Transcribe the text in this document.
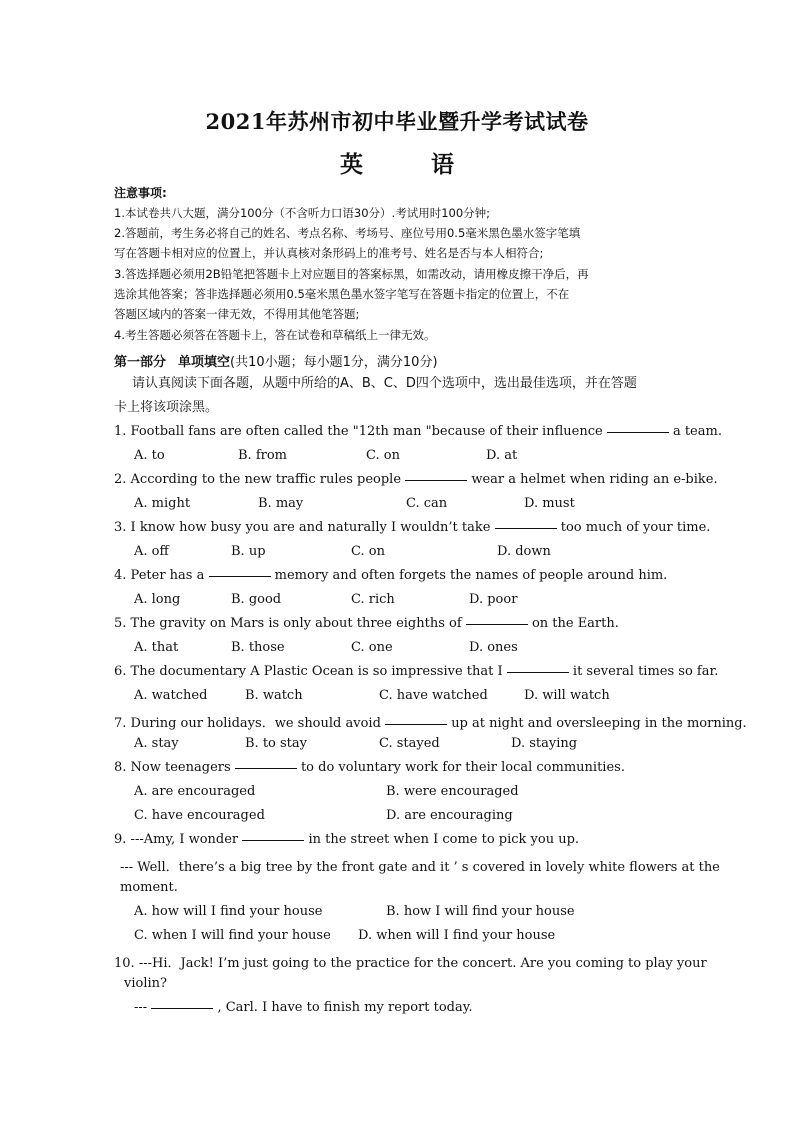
2021年苏州市初中毕业暨升学考试试卷
英 语
注意事项:
1.本试卷共八大题，满分100分（不含听力口语30分）.考试用时100分钟;
2.答题前，考生务必将自己的姓名、考点名称、考场号、座位号用0.5毫米黑色墨水签字笔填
写在答题卡相对应的位置上，并认真核对条形码上的准考号、姓名是否与本人相符合;
3.答选择题必须用2B铅笔把答题卡上对应题目的答案标黑，如需改动，请用橡皮擦干净后，再
选涂其他答案；答非选择题必须用0.5毫米黑色墨水签字笔写在答题卡指定的位置上，不在
答题区域内的答案一律无效，不得用其他笔答题;
4.考生答题必须答在答题卡上，答在试卷和草稿纸上一律无效。
第一部分 单项填空(共10小题；每小题1分，满分10分)
请认真阅读下面各题，从题中所给的A、B、C、D四个选项中，选出最佳选项，并在答题
卡上将该项涂黑。
1. Football fans are often called the "12th man "because of their influence	a team.
A. to	B. from	C. on	D. at
2. According to the new traffic rules people	wear a helmet when riding an e-bike.
A. might	B. may	C. can	D. must
3. I know how busy you are and naturally I wouldn’t take	too much of your time.
A. off	B. up	C. on	D. down
4. Peter has a	memory and often forgets the names of people around him.
A. long	B. good	C. rich	D. poor
5. The gravity on Mars is only about three eighths of	on the Earth.
A. that	B. those	C. one	D. ones
6. The documentary A Plastic Ocean is so impressive that I	it several times so far.
A. watched	B. watch	C. have watched	D. will watch
7. During our holidays．we should avoid	up at night and oversleeping in the morning.
A. stay	B. to stay	C. stayed	D. staying
8. Now teenagers	to do voluntary work for their local communities.
A. are encouraged	B. were encouraged
C. have encouraged	D. are encouraging
9. ---Amy, I wonder	in the street when I come to pick you up.
--- Well．there’s a big tree by the front gate and it ’ s covered in lovely white flowers at the
moment.
A. how will I find your house	B. how I will find your house
C. when I will find your house D. when will I find your house
10. ---Hi．Jack! I’m just going to the practice for the concert. Are you coming to play your
violin?
---	, Carl. I have to finish my report today.
